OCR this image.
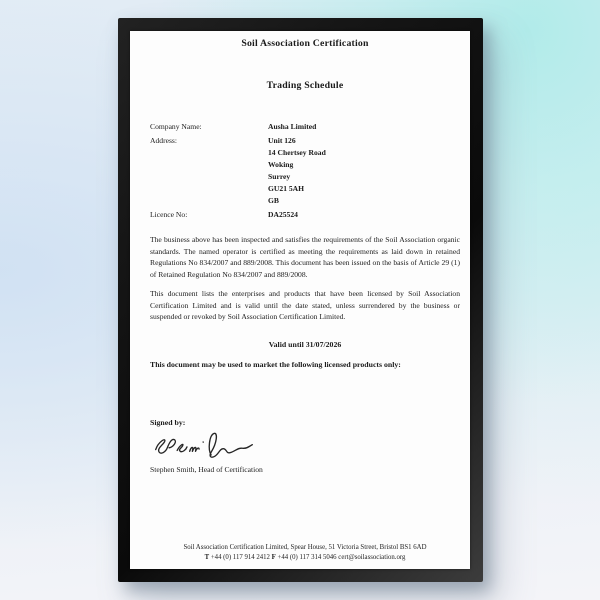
Soil Association Certification
Trading Schedule
Company Name:	Ausha Limited
Address:	Unit 126
14 Chertsey Road
Woking
Surrey
GU21 5AH
GB
Licence No:	DA25524

The business above has been inspected and satisfies the requirements of the Soil Association organic standards. The named operator is certified as meeting the requirements as laid down in retained Regulations No 834/2007 and 889/2008. This document has been issued on the basis of Article 29 (1) of Retained Regulation No 834/2007 and 889/2008.

This document lists the enterprises and products that have been licensed by Soil Association Certification Limited and is valid until the date stated, unless surrendered by the business or suspended or revoked by Soil Association Certification Limited.

Valid until 31/07/2026
This document may be used to market the following licensed products only:
Signed by:
Stephen Smith, Head of Certification
Soil Association Certification Limited, Spear House, 51 Victoria Street, Bristol BS1 6AD
T +44 (0) 117 914 2412 F +44 (0) 117 314 5046 cert@soilassociation.org
